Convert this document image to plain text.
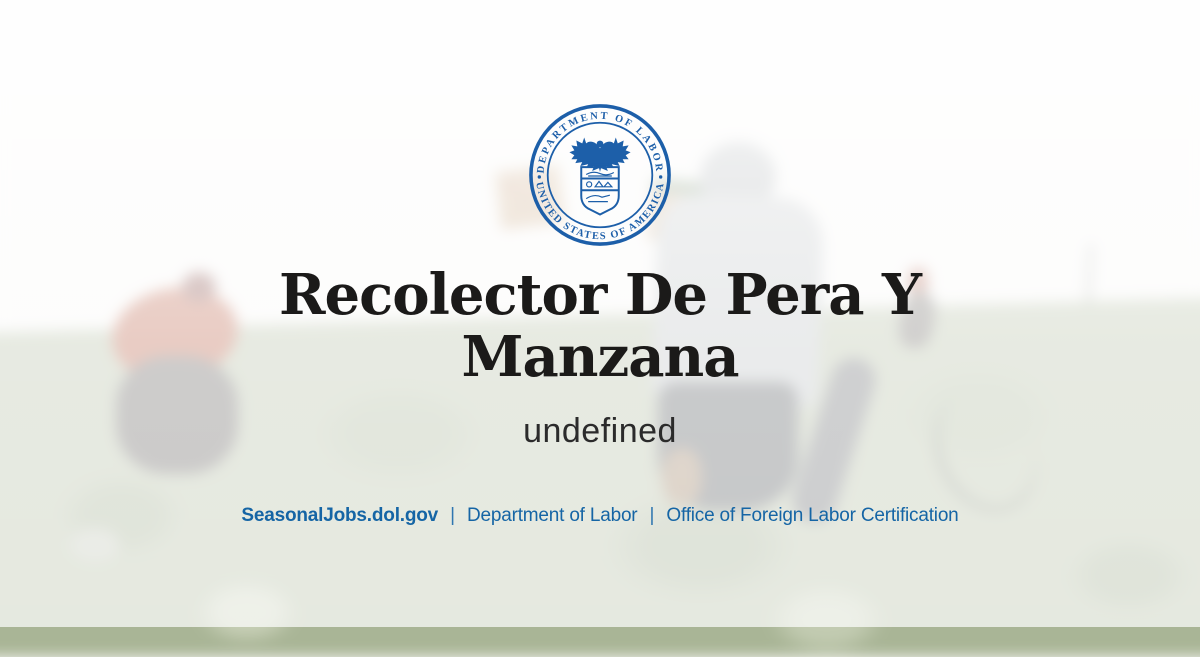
DEPARTMENT OF LABOR
UNITED STATES OF AMERICA
Recolector De Pera Y
Manzana
undefined
SeasonalJobs.dol.gov | Department of Labor | Office of Foreign Labor Certification
